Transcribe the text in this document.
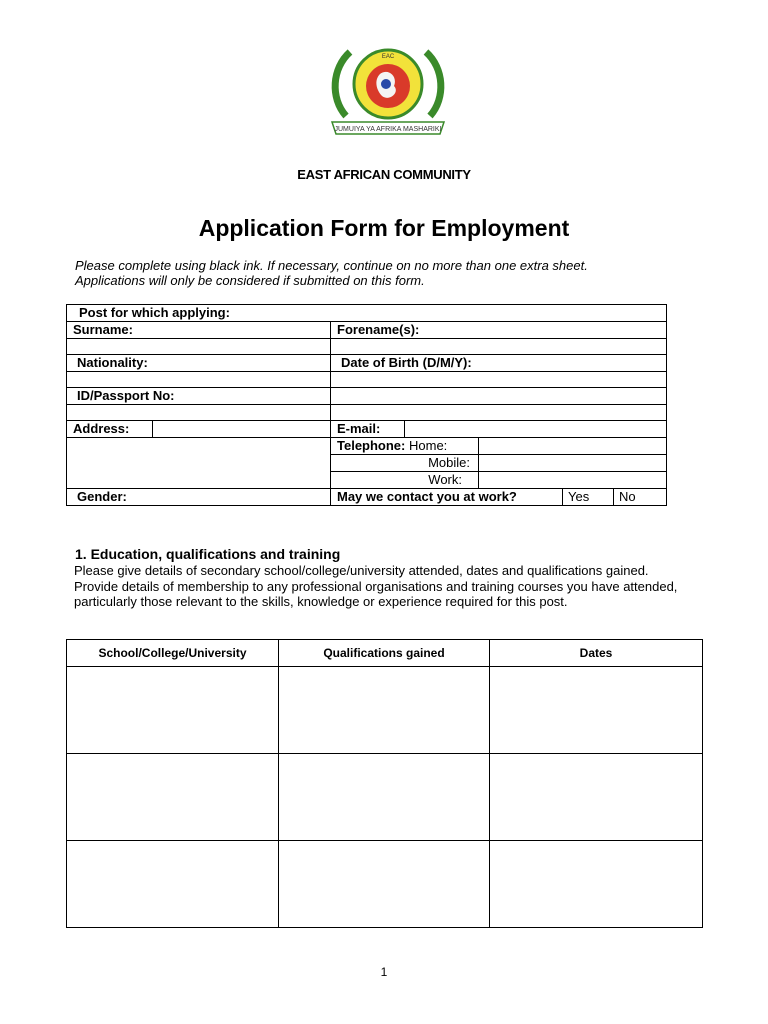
EAC
JUMUIYA YA AFRIKA MASHARIKI
EAST AFRICAN COMMUNITY
Application Form for Employment
Please complete using black ink. If necessary, continue on no more than one extra sheet.
Applications will only be considered if submitted on this form.
Post for which applying:						
Surname:		Forename(s):				

Nationality:		Date of Birth (D/M/Y):				

ID/Passport No:						

Address:		E-mail:				
		Telephone: Home:				
		Mobile:				
		Work:				
Gender:		May we contact you at work?			Yes	No
1. Education, qualifications and training
Please give details of secondary school/college/university attended, dates and qualifications gained. Provide details of membership to any professional organisations and training courses you have attended, particularly those relevant to the skills, knowledge or experience required for this post.
School/College/University	Qualifications gained	Dates

1
